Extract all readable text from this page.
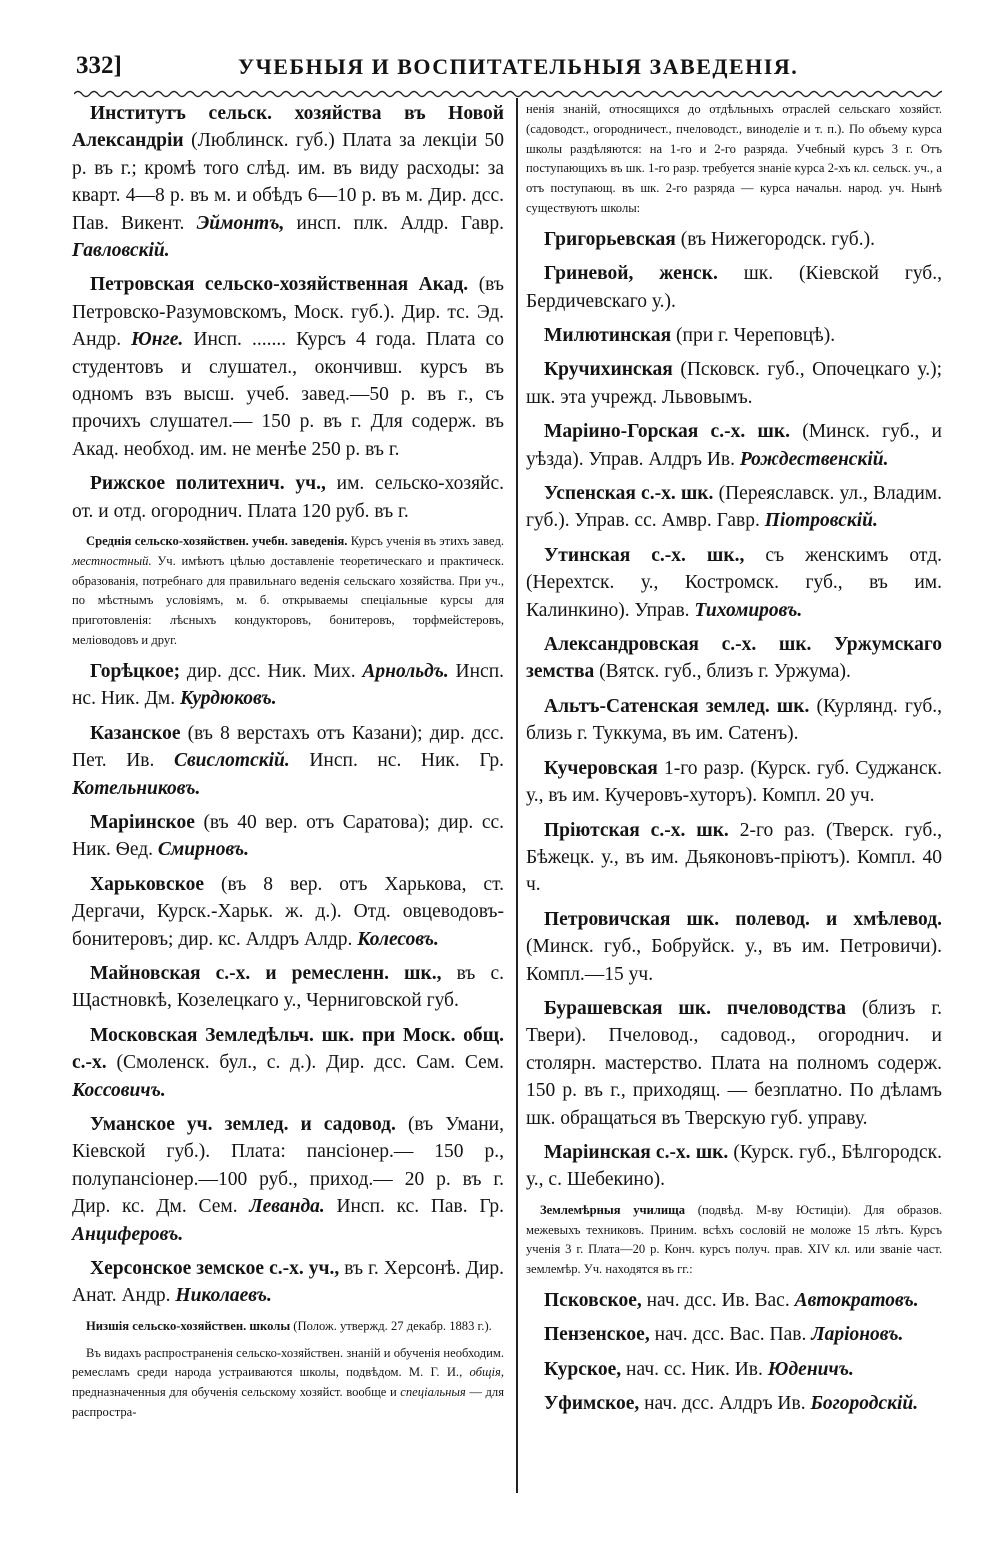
332]	УЧЕБНЫЯ И ВОСПИТАТЕЛЬНЫЯ ЗАВЕДЕНІЯ.

Институтъ сельск. хозяйства въ Новой Александріи (Люблинск. губ.) Плата за лекціи 50 р. въ г.; кромѣ того слѣд. им. въ виду расходы: за кварт. 4—8 р. въ м. и обѣдъ 6—10 р. въ м. Дир. дсс. Пав. Викент. Эймонтъ, инсп. плк. Алдр. Гавр. Гавловскій.

Петровская сельско-хозяйственная Акад. (въ Петровско-Разумовскомъ, Моск. губ.). Дир. тс. Эд. Андр. Юнге. Инсп. ....... Курсъ 4 года. Плата со студентовъ и слушател., окончивш. курсъ въ одномъ взъ высш. учеб. завед.—50 р. въ г., съ прочихъ слушател.— 150 р. въ г. Для содерж. въ Акад. необход. им. не менѣе 250 р. въ г.

Рижское политехнич. уч., им. сельско-хозяйс. от. и отд. огороднич. Плата 120 руб. въ г.

Среднія сельско-хозяйствен. учебн. заведенія. Курсъ ученія въ этихъ завед. местностный. Уч. имѣютъ цѣлью доставленіе теоретическаго и практическ. образованія, потребнаго для правильнаго веденія сельскаго хозяйства. При уч., по мѣстнымъ условіямъ, м. б. открываемы спеціальные курсы для приготовленія: лѣсныхъ кондукторовъ, бонитеровъ, торфмейстеровъ, мелiоводовъ и друг.

Горѣцкое; дир. дсс. Ник. Мих. Арнольдъ. Инсп. нс. Ник. Дм. Курдюковъ.

Казанское (въ 8 верстахъ отъ Казани); дир. дсс. Пет. Ив. Свислотскій. Инсп. нс. Ник. Гр. Котельниковъ.

Маріинское (въ 40 вер. отъ Саратова); дир. сс. Ник. Ѳед. Смирновъ.

Харьковское (въ 8 вер. отъ Харькова, ст. Дергачи, Курск.-Харьк. ж. д.). Отд. овцеводовъ-бонитеровъ; дир. кс. Алдръ Алдр. Колесовъ.

Майновская с.-х. и ремесленн. шк., въ с. Щастновкѣ, Козелецкаго у., Черниговской губ.

Московская Земледѣльч. шк. при Моск. общ. с.-х. (Смоленск. бул., с. д.). Дир. дсс. Сам. Сем. Коссовичъ.

Уманское уч. землед. и садовод. (въ Умани, Кіевской губ.). Плата: пансіонер.— 150 р., полупансіонер.—100 руб., приход.— 20 р. въ г. Дир. кс. Дм. Сем. Леванда. Инсп. кс. Пав. Гр. Анциферовъ.

Херсонское земское с.-х. уч., въ г. Херсонѣ. Дир. Анат. Андр. Николаевъ.

Низшія сельско-хозяйствен. школы (Полож. утвержд. 27 декабр. 1883 г.).

Въ видахъ распространенія сельско-хозяйствен. знаній и обученія необходим. ремесламъ среди народа устраиваются школы, подвѣдом. М. Г. И., общія, предназначенныя для обученія сельскому хозяйст. вообще и спеціальныя — для распростра-

ненія знаній, относящихся до отдѣльныхъ отраслей сельскаго хозяйст. (садоводст., огородничест., пчеловодст., виноделіе и т. п.). По объему курса школы раздѣляются: на 1-го и 2-го разряда. Учебный курсъ 3 г. Отъ поступающихъ въ шк. 1-го разр. требуется знаніе курса 2-хъ кл. сельск. уч., а отъ поступающ. въ шк. 2-го разряда — курса начальн. народ. уч. Нынѣ существуютъ школы:

Григорьевская (въ Нижегородск. губ.).

Гриневой, женск. шк. (Кіевской губ., Бердичевскаго у.).

Милютинская (при г. Череповцѣ).

Кручихинская (Псковск. губ., Опочецкаго у.); шк. эта учрежд. Львовымъ.

Маріино-Горская с.-х. шк. (Минск. губ., и уѣзда). Управ. Алдръ Ив. Рождественскій.

Успенская с.-х. шк. (Переяславск. ул., Владим. губ.). Управ. сс. Амвр. Гавр. Піотровскій.

Утинская с.-х. шк., съ женскимъ отд. (Нерехтск. у., Костромск. губ., въ им. Калинкино). Управ. Тихомировъ.

Александровская с.-х. шк. Уржумскаго земства (Вятск. губ., близъ г. Уржума).

Альтъ-Сатенская землед. шк. (Курлянд. губ., близь г. Туккума, въ им. Сатенъ).

Кучеровская 1-го разр. (Курск. губ. Суджанск. у., въ им. Кучеровъ-хуторъ). Компл. 20 уч.

Пріютская с.-х. шк. 2-го раз. (Тверск. губ., Бѣжецк. у., въ им. Дьяконовъ-пріютъ). Компл. 40 ч.

Петровичская шк. полевод. и хмѣлевод. (Минск. губ., Бобруйск. у., въ им. Петровичи). Компл.—15 уч.

Бурашевская шк. пчеловодства (близъ г. Твери). Пчеловод., садовод., огороднич. и столярн. мастерство. Плата на полномъ содерж. 150 р. въ г., приходящ. — безплатно. По дѣламъ шк. обращаться въ Тверскую губ. управу.

Маріинская с.-х. шк. (Курск. губ., Бѣлгородск. у., с. Шебекино).

Землемѣрныя училища (подвѣд. М-ву Юстиціи). Для образов. межевыхъ техниковъ. Приним. всѣхъ сословій не моложе 15 лѣтъ. Курсъ ученія 3 г. Плата—20 р. Конч. курсъ получ. прав. XIV кл. или званіе част. землемѣр. Уч. находятся въ гг.:

Псковское, нач. дсс. Ив. Вас. Автократовъ.

Пензенское, нач. дсс. Вас. Пав. Ларіоновъ.

Курское, нач. сс. Ник. Ив. Юденичъ.

Уфимское, нач. дсс. Алдръ Ив. Богородскій.
